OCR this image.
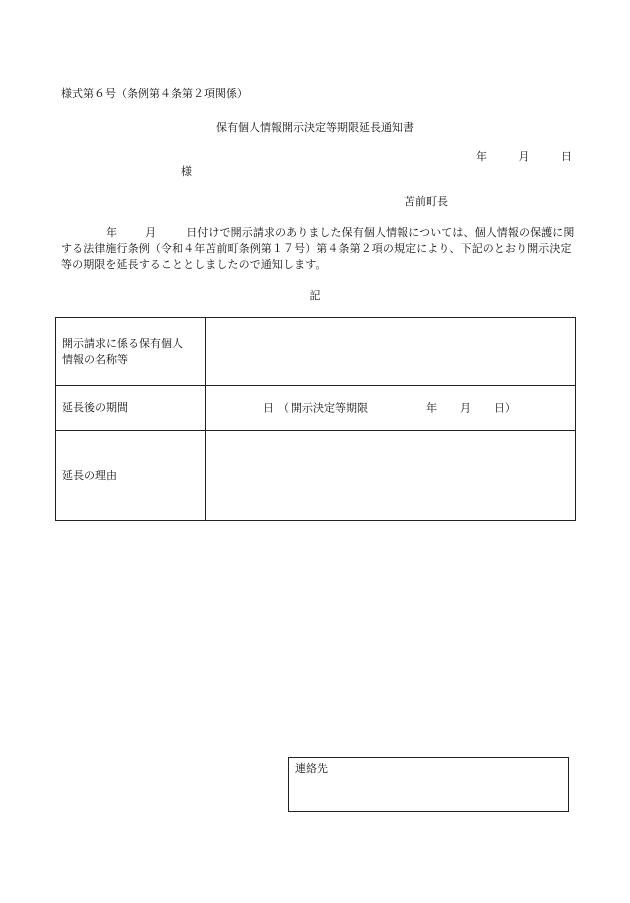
様式第６号（条例第４条第２項関係）
保有個人情報開示決定等期限延長通知書
年	月	日
様
苫前町長
年	月	日付けで開示請求のありました保有個人情報については、個人情報の保護に関する法律施行条例（令和４年苫前町条例第１７号）第４条第２項の規定により、下記のとおり開示決定等の期限を延長することとしましたので通知します。
記
開示請求に係る保有個人
情報の名称等	

延長後の期間	日 （ 開示決定等期限 年 月 日）

延長の理由	
連絡先
